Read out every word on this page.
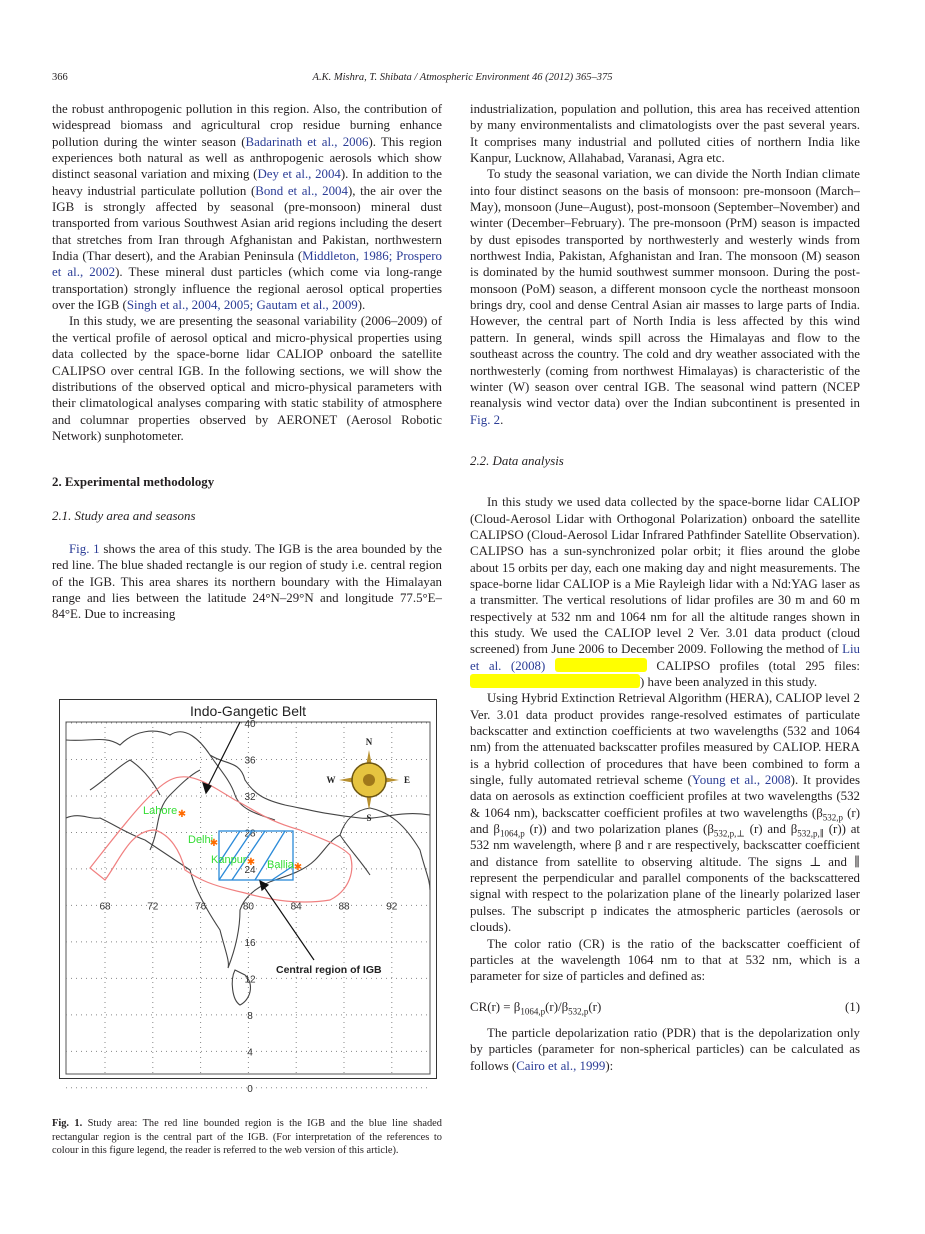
366	A.K. Mishra, T. Shibata / Atmospheric Environment 46 (2012) 365–375

the robust anthropogenic pollution in this region. Also, the contribution of widespread biomass and agricultural crop residue burning enhance pollution during the winter season (Badarinath et al., 2006). This region experiences both natural as well as anthropogenic aerosols which show distinct seasonal variation and mixing (Dey et al., 2004). In addition to the heavy industrial particulate pollution (Bond et al., 2004), the air over the IGB is strongly affected by seasonal (pre-monsoon) mineral dust transported from various Southwest Asian arid regions including the desert that stretches from Iran through Afghanistan and Pakistan, northwestern India (Thar desert), and the Arabian Peninsula (Middleton, 1986; Prospero et al., 2002). These mineral dust particles (which come via long-range transportation) strongly influence the regional aerosol optical properties over the IGB (Singh et al., 2004, 2005; Gautam et al., 2009).

In this study, we are presenting the seasonal variability (2006–2009) of the vertical profile of aerosol optical and micro-physical properties using data collected by the space-borne lidar CALIOP onboard the satellite CALIPSO over central IGB. In the following sections, we will show the distributions of the observed optical and micro-physical parameters with their climatological analyses comparing with static stability of atmosphere and columnar properties observed by AERONET (Aerosol Robotic Network) sunphotometer.

2. Experimental methodology
2.1. Study area and seasons

Fig. 1 shows the area of this study. The IGB is the area bounded by the red line. The blue shaded rectangle is our region of study i.e. central region of the IGB. This area shares its northern boundary with the Himalayan range and lies between the latitude 24°N–29°N and longitude 77.5°E–84°E. Due to increasing

Indo-Gangetic Belt
68	72	76	80	84	88	92
40
36
32
28
24
16
12
8
4
0
Lahore
Delhi
Kanpur Ballia
✱
✱
✱	✱
Central region of IGB
N
S
W	E
Fig. 1. Study area: The red line bounded region is the IGB and the blue line shaded rectangular region is the central part of the IGB. (For interpretation of the references to colour in this figure legend, the reader is referred to the web version of this article).

industrialization, population and pollution, this area has received attention by many environmentalists and climatologists over the past several years. It comprises many industrial and polluted cities of northern India like Kanpur, Lucknow, Allahabad, Varanasi, Agra etc.

To study the seasonal variation, we can divide the North Indian climate into four distinct seasons on the basis of monsoon: pre-monsoon (March–May), monsoon (June–August), post-monsoon (September–November) and winter (December–February). The pre-monsoon (PrM) season is impacted by dust episodes transported by northwesterly and westerly winds from northwest India, Pakistan, Afghanistan and Iran. The monsoon (M) season is dominated by the humid southwest summer monsoon. During the post-monsoon (PoM) season, a different monsoon cycle the northeast monsoon brings dry, cool and dense Central Asian air masses to large parts of India. However, the central part of North India is less affected by this wind pattern. In general, winds spill across the Himalayas and flow to the southeast across the country. The cold and dry weather associated with the northwesterly (coming from northwest Himalayas) is characteristic of the winter (W) season over central IGB. The seasonal wind pattern (NCEP reanalysis wind vector data) over the Indian subcontinent is presented in Fig. 2.

2.2. Data analysis

In this study we used data collected by the space-borne lidar CALIOP (Cloud-Aerosol Lidar with Orthogonal Polarization) onboard the satellite CALIPSO (Cloud-Aerosol Lidar Infrared Pathfinder Satellite Observation). CALIPSO has a sun-synchronized polar orbit; it flies around the globe about 15 orbits per day, each one making day and night measurements. The space-borne lidar CALIOP is a Mie Rayleigh lidar with a Nd:YAG laser as a transmitter. The vertical resolutions of lidar profiles are 30 m and 60 m respectively at 532 nm and 1064 nm for all the altitude ranges shown in this study. We used the CALIOP level 2 Ver. 3.01 data product (cloud screened) from June 2006 to December 2009. Following the method of Liu et al. (2008)	CALIPSO profiles (total 295 files: ) have been analyzed in this study.

Using Hybrid Extinction Retrieval Algorithm (HERA), CALIOP level 2 Ver. 3.01 data product provides range-resolved estimates of particulate backscatter and extinction coefficients at two wavelengths (532 and 1064 nm) from the attenuated backscatter profiles measured by CALIOP. HERA is a hybrid collection of procedures that have been combined to form a single, fully automated retrieval scheme (Young et al., 2008). It provides data on aerosols as extinction coefficient profiles at two wavelengths (532 & 1064 nm), backscatter coefficient profiles at two wavelengths ($\beta_{532,p}$ (r) and $\beta_{1064,p}$ (r)) and two polarization planes ($\beta_{532,p,\perp}$ (r) and $\beta_{532,p,\parallel}$ (r)) at 532 nm wavelength, where β and r are respectively, backscatter coefficient and distance from satellite to observing altitude. The signs ⊥ and ∥ represent the perpendicular and parallel components of the backscattered signal with respect to the polarization plane of the linearly polarized laser pulses. The subscript p indicates the atmospheric particles (aerosols or clouds).

The color ratio (CR) is the ratio of the backscatter coefficient of particles at the wavelength 1064 nm to that at 532 nm, which is a parameter for size of particles and defined as:

$CR(r) = \beta_{1064,p}(r)/\beta_{532,p}(r)$	(1)

The particle depolarization ratio (PDR) that is the depolarization only by particles (parameter for non-spherical particles) can be calculated as follows (Cairo et al., 1999):
